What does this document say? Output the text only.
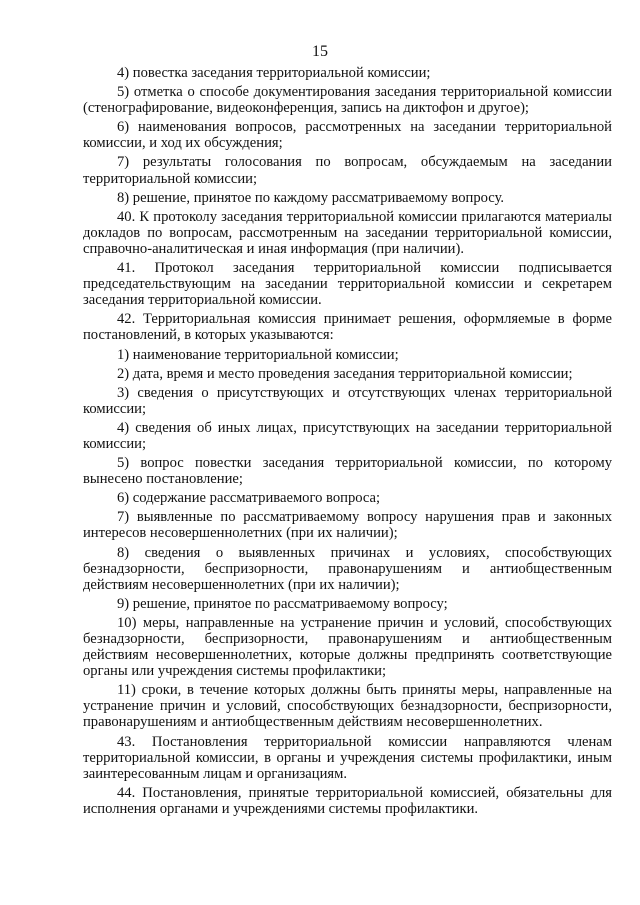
15

4) повестка заседания территориальной комиссии;

5) отметка о способе документирования заседания территориальной комиссии (стенографирование, видеоконференция, запись на диктофон и другое);

6) наименования вопросов, рассмотренных на заседании территориальной комиссии, и ход их обсуждения;

7) результаты голосования по вопросам, обсуждаемым на заседании территориальной комиссии;

8) решение, принятое по каждому рассматриваемому вопросу.

40. К протоколу заседания территориальной комиссии прилагаются материалы докладов по вопросам, рассмотренным на заседании территориальной комиссии, справочно-аналитическая и иная информация (при наличии).

41. Протокол заседания территориальной комиссии подписывается председательствующим на заседании территориальной комиссии и секретарем заседания территориальной комиссии.

42. Территориальная комиссия принимает решения, оформляемые в форме постановлений, в которых указываются:

1) наименование территориальной комиссии;

2) дата, время и место проведения заседания территориальной комиссии;

3) сведения о присутствующих и отсутствующих членах территориальной комиссии;

4) сведения об иных лицах, присутствующих на заседании территориальной комиссии;

5) вопрос повестки заседания территориальной комиссии, по которому вынесено постановление;

6) содержание рассматриваемого вопроса;

7) выявленные по рассматриваемому вопросу нарушения прав и законных интересов несовершеннолетних (при их наличии);

8) сведения о выявленных причинах и условиях, способствующих безнадзорности, беспризорности, правонарушениям и антиобщественным действиям несовершеннолетних (при их наличии);

9) решение, принятое по рассматриваемому вопросу;

10) меры, направленные на устранение причин и условий, способствующих безнадзорности, беспризорности, правонарушениям и антиобщественным действиям несовершеннолетних, которые должны предпринять соответствующие органы или учреждения системы профилактики;

11) сроки, в течение которых должны быть приняты меры, направленные на устранение причин и условий, способствующих безнадзорности, беспризорности, правонарушениям и антиобщественным действиям несовершеннолетних.

43. Постановления территориальной комиссии направляются членам территориальной комиссии, в органы и учреждения системы профилактики, иным заинтересованным лицам и организациям.

44. Постановления, принятые территориальной комиссией, обязательны для исполнения органами и учреждениями системы профилактики.
